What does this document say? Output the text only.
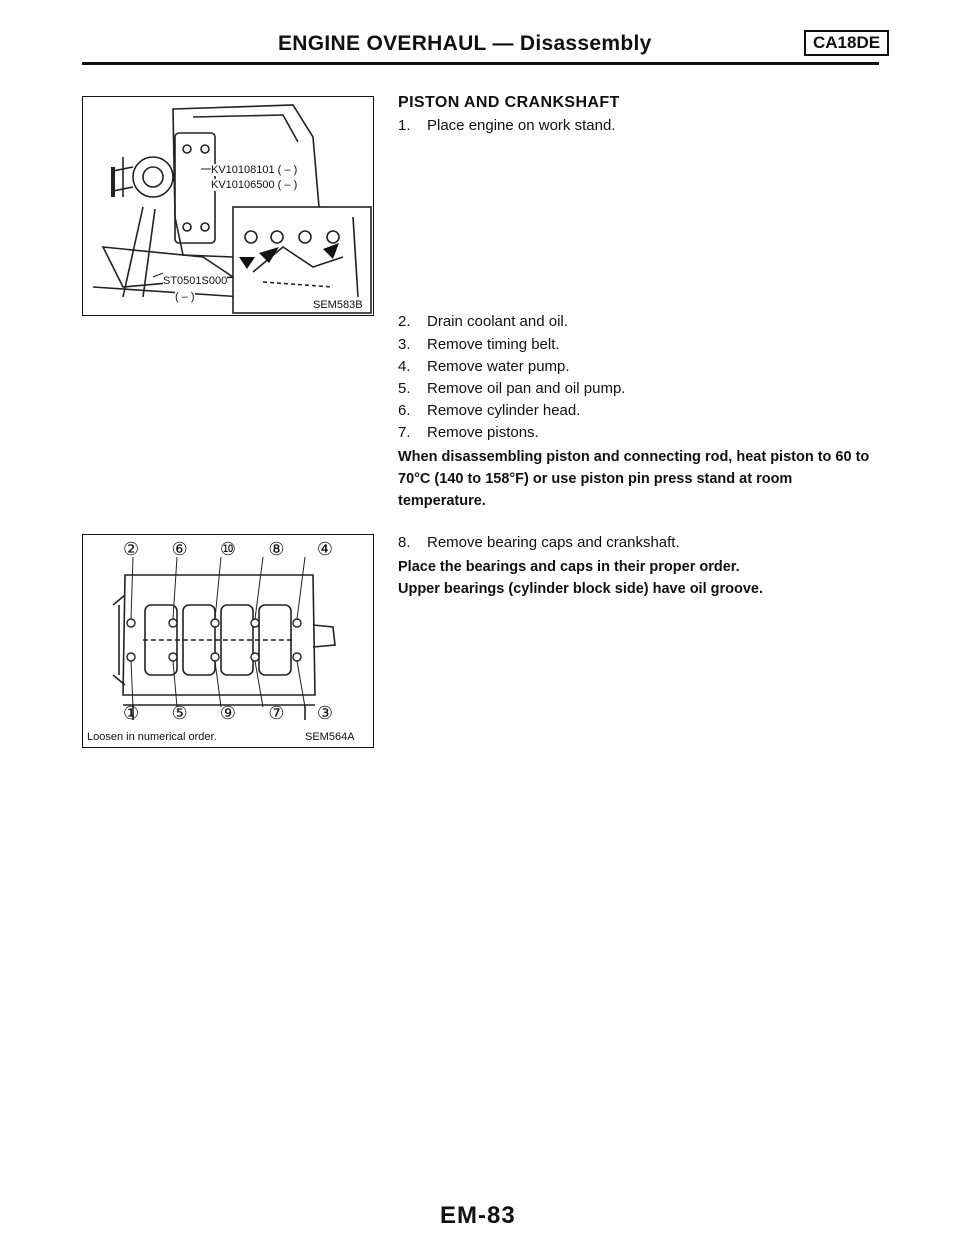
ENGINE OVERHAUL — Disassembly	CA18DE
KV10108101 ( – )
KV10106500 ( – )
ST0501S000
( – )
SEM583B
② ⑥ ⑩ ⑧ ④
① ⑤ ⑨ ⑦ ③
Loosen in numerical order.	SEM564A
PISTON AND CRANKSHAFT
1. Place engine on work stand.
2. Drain coolant and oil.
3. Remove timing belt.
4. Remove water pump.
5. Remove oil pan and oil pump.
6. Remove cylinder head.
7. Remove pistons.
When disassembling piston and connecting rod, heat piston to 60 to 70°C (140 to 158°F) or use piston pin press stand at room temperature.
8. Remove bearing caps and crankshaft.
Place the bearings and caps in their proper order.
Upper bearings (cylinder block side) have oil groove.
EM-83
